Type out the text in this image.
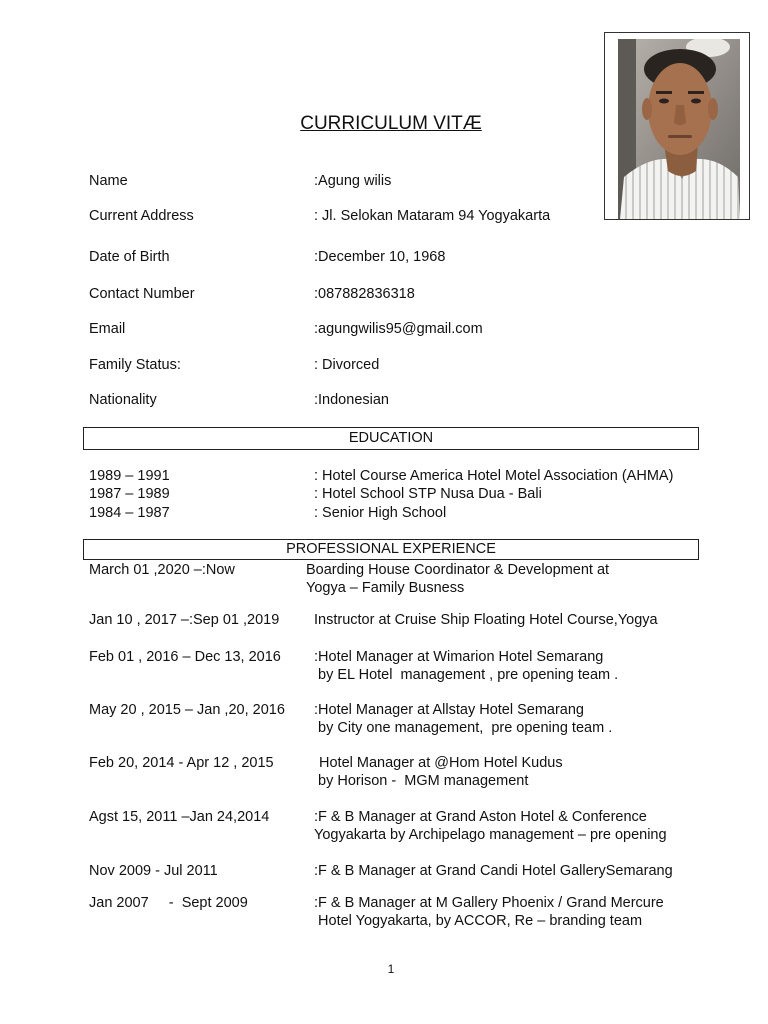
CURRICULUM VITÆ
Name	:Agung wilis
Current Address	: Jl. Selokan Mataram 94 Yogyakarta
Date of Birth	:December 10, 1968
Contact Number	:087882836318
Email	:agungwilis95@gmail.com
Family Status:	: Divorced
Nationality	:Indonesian
EDUCATION
1989 – 1991	: Hotel Course America Hotel Motel Association (AHMA)
1987 – 1989	: Hotel School STP Nusa Dua - Bali
1984 – 1987	: Senior High School
PROFESSIONAL EXPERIENCE
March 01 ,2020 –:Now	Boarding House Coordinator & Development at
Yogya – Family Busness
Jan 10 , 2017 –:Sep 01 ,2019 Instructor at Cruise Ship Floating Hotel Course,Yogya
Feb 01 , 2016 – Dec 13, 2016 :Hotel Manager at Wimarion Hotel Semarang
by EL Hotel  management , pre opening team .
May 20 , 2015 – Jan ,20, 2016 :Hotel Manager at Allstay Hotel Semarang
by City one management,  pre opening team .
Feb 20, 2014 - Apr 12 , 2015	Hotel Manager at @Hom Hotel Kudus
by Horison -  MGM management
Agst 15, 2011 –Jan 24,2014	:F & B Manager at Grand Aston Hotel & Conference
Yogyakarta by Archipelago management – pre opening
Nov 2009 - Jul 2011	:F & B Manager at Grand Candi Hotel GallerySemarang
Jan 2007     -  Sept 2009	:F & B Manager at M Gallery Phoenix / Grand Mercure
Hotel Yogyakarta, by ACCOR, Re – branding team
1
